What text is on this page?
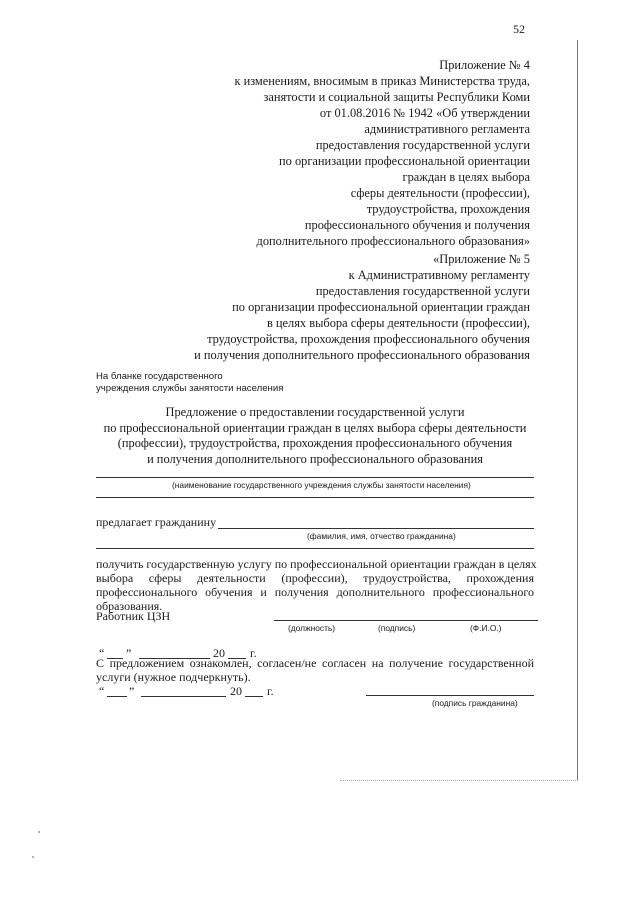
52
Приложение № 4
к изменениям, вносимым в приказ Министерства труда,
занятости и социальной защиты Республики Коми
от 01.08.2016 № 1942 «Об утверждении
административного регламента
предоставления государственной услуги
по организации профессиональной ориентации
граждан в целях выбора
сферы деятельности (профессии),
трудоустройства, прохождения
профессионального обучения и получения
дополнительного профессионального образования»
«Приложение № 5
к Административному регламенту
предоставления государственной услуги
по организации профессиональной ориентации граждан
в целях выбора сферы деятельности (профессии),
трудоустройства, прохождения профессионального обучения
и получения дополнительного профессионального образования
На бланке государственного
учреждения службы занятости населения
Предложение о предоставлении государственной услуги
по профессиональной ориентации граждан в целях выбора сферы деятельности
(профессии), трудоустройства, прохождения профессионального обучения
и получения дополнительного профессионального образования
(наименование государственного учреждения службы занятости населения)
предлагает гражданину
(фамилия, имя, отчество гражданина)
получить государственную услугу по профессиональной ориентации граждан в целях
выбора сферы деятельности (профессии), трудоустройства, прохождения
профессионального обучения и получения дополнительного профессионального
образования.
Работник ЦЗН
(должность)	(подпись)	(Ф.И.О.)
“ ”	20 г.
С предложением ознакомлен, согласен/не согласен на получение государственной
услуги (нужное подчеркнуть).
“ ”	20 г.
(подпись гражданина)
